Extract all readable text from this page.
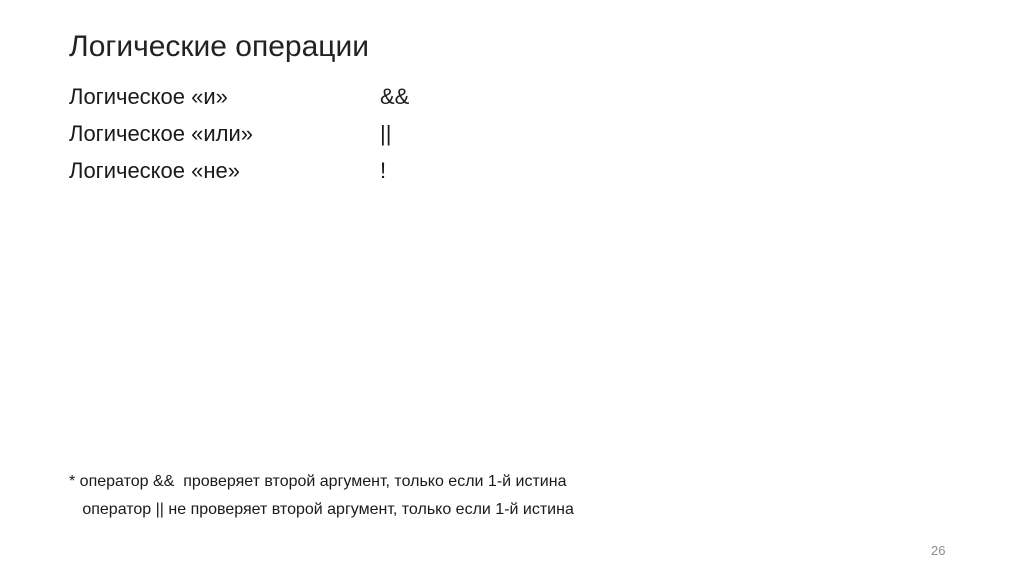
Логические операции
Логическое «и»	&&
Логическое «или»	||
Логическое «не»	!
* оператор &&  проверяет второй аргумент, только если 1-й истина
оператор || не проверяет второй аргумент, только если 1-й истина
26
